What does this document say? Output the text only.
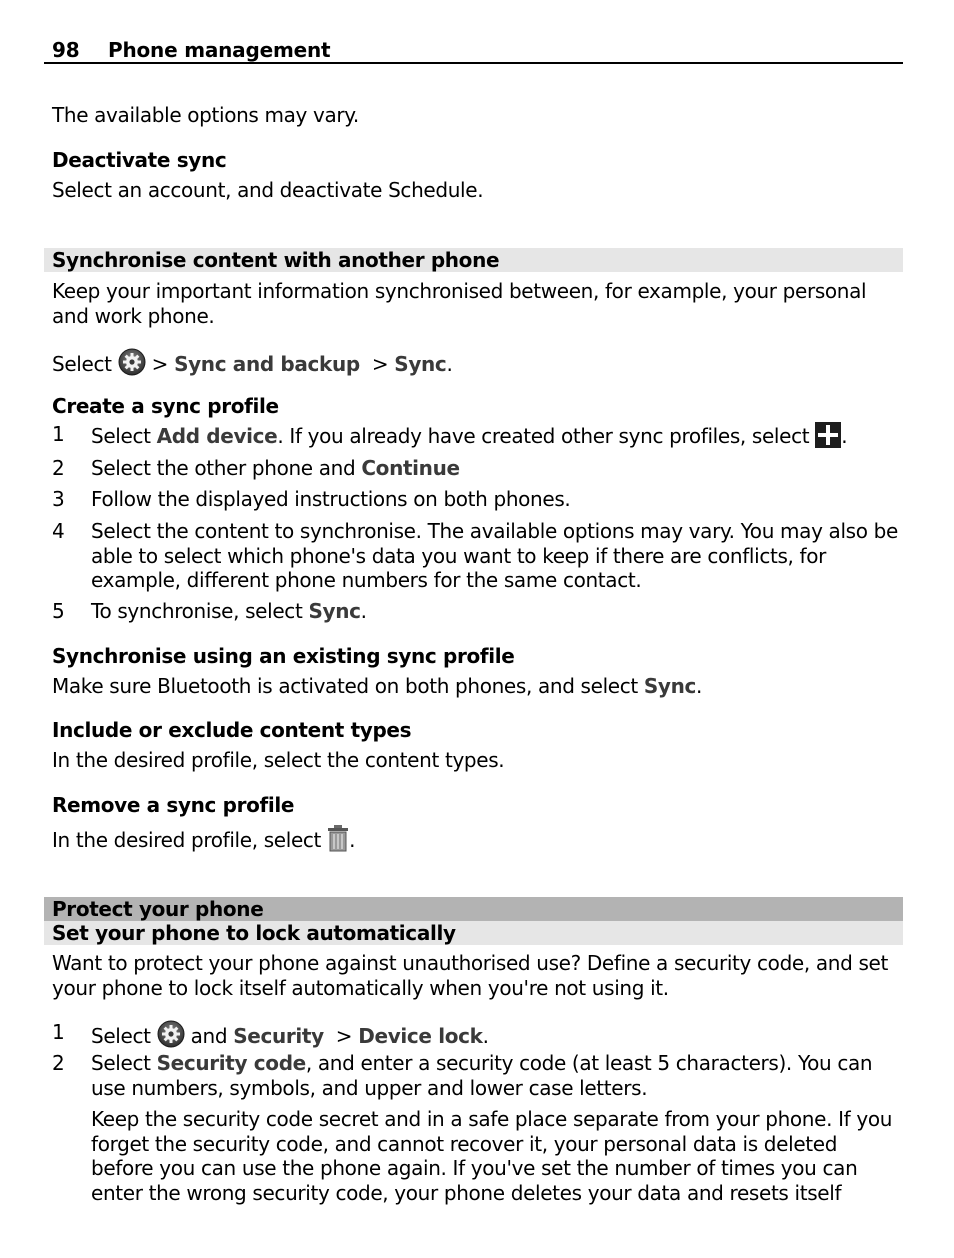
98 Phone management
The available options may vary.
Deactivate sync
Select an account, and deactivate Schedule.
Synchronise content with another phone
Keep your important information synchronised between, for example, your personal and work phone.
Select  > Sync and backup  > Sync.
Create a sync profile
1 Select Add device. If you already have created other sync profiles, select .
2 Select the other phone and Continue
3 Follow the displayed instructions on both phones.
4 Select the content to synchronise. The available options may vary. You may also be able to select which phone's data you want to keep if there are conflicts, for example, different phone numbers for the same contact.
5 To synchronise, select Sync.
Synchronise using an existing sync profile
Make sure Bluetooth is activated on both phones, and select Sync.
Include or exclude content types
In the desired profile, select the content types.
Remove a sync profile
In the desired profile, select .
Protect your phone
Set your phone to lock automatically
Want to protect your phone against unauthorised use? Define a security code, and set your phone to lock itself automatically when you're not using it.
1 Select  and Security  > Device lock.
2 Select Security code, and enter a security code (at least 5 characters). You can use numbers, symbols, and upper and lower case letters.
Keep the security code secret and in a safe place separate from your phone. If you forget the security code, and cannot recover it, your personal data is deleted before you can use the phone again. If you've set the number of times you can enter the wrong security code, your phone deletes your data and resets itself
